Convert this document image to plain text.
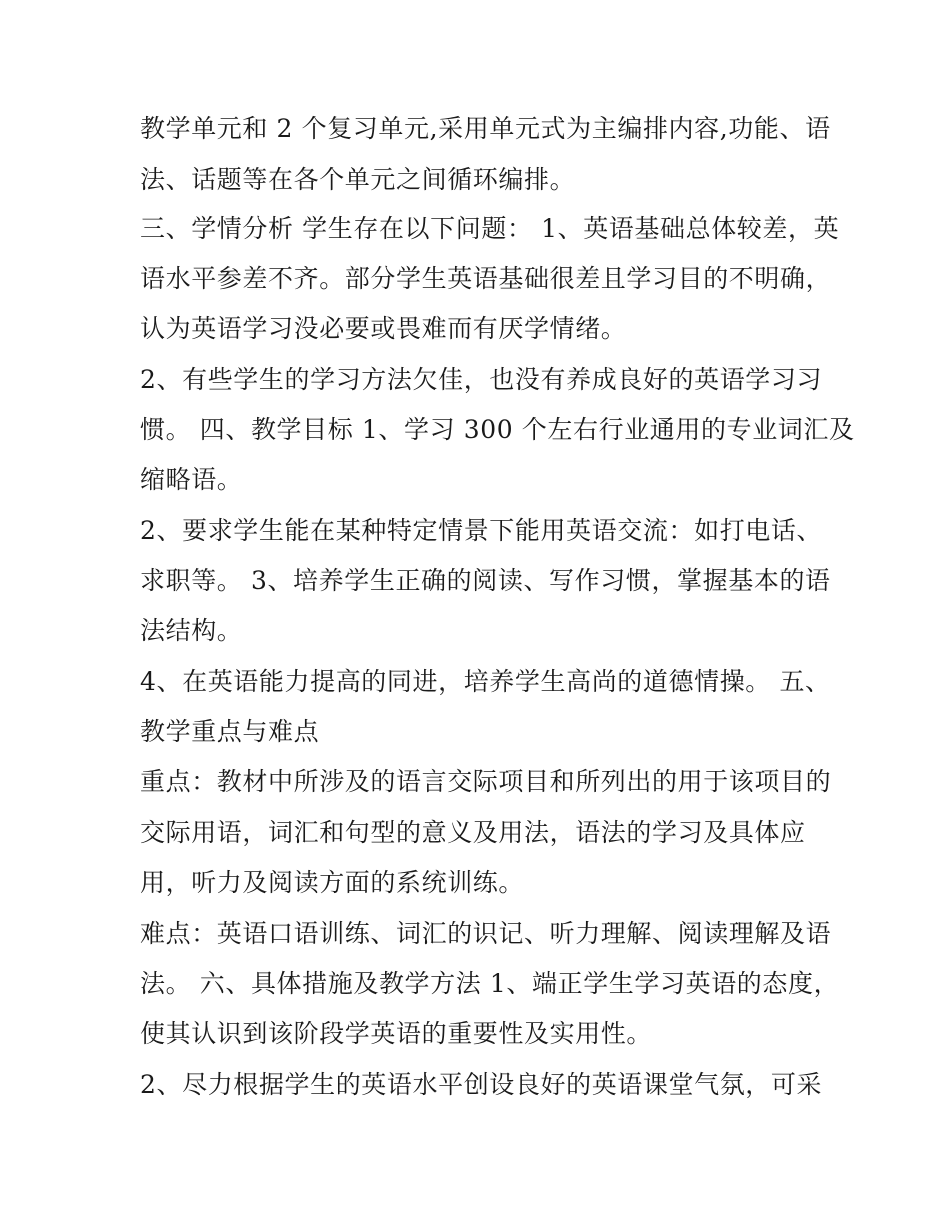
教学单元和 2 个复习单元,采用单元式为主编排内容,功能、语
法、话题等在各个单元之间循环编排。
三、学情分析 学生存在以下问题： 1、英语基础总体较差，英
语水平参差不齐。部分学生英语基础很差且学习目的不明确，
认为英语学习没必要或畏难而有厌学情绪。
2、有些学生的学习方法欠佳，也没有养成良好的英语学习习
惯。 四、教学目标 1、学习 300 个左右行业通用的专业词汇及
缩略语。
2、要求学生能在某种特定情景下能用英语交流：如打电话、
求职等。 3、培养学生正确的阅读、写作习惯，掌握基本的语
法结构。
4、在英语能力提高的同进，培养学生高尚的道德情操。 五、
教学重点与难点
重点：教材中所涉及的语言交际项目和所列出的用于该项目的
交际用语，词汇和句型的意义及用法，语法的学习及具体应
用，听力及阅读方面的系统训练。
难点：英语口语训练、词汇的识记、听力理解、阅读理解及语
法。 六、具体措施及教学方法 1、端正学生学习英语的态度，
使其认识到该阶段学英语的重要性及实用性。
2、尽力根据学生的英语水平创设良好的英语课堂气氛，可采
